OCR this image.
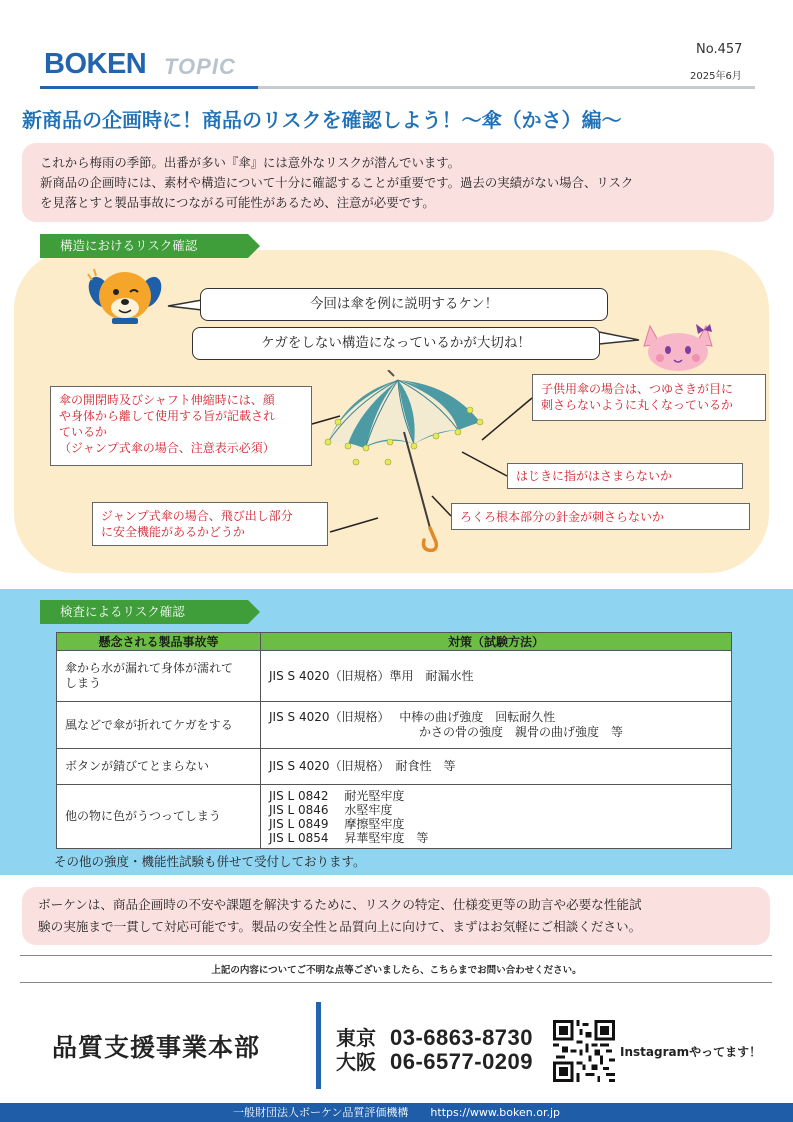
BOKEN TOPIC
No.457
2025年6月
新商品の企画時に！商品のリスクを確認しよう！〜傘（かさ）編〜
これから梅雨の季節。出番が多い『傘』には意外なリスクが潜んでいます。
新商品の企画時には、素材や構造について十分に確認することが重要です。過去の実績がない場合、リスク
を見落とすと製品事故につながる可能性があるため、注意が必要です。
構造におけるリスク確認
今回は傘を例に説明するケン！
ケガをしない構造になっているかが大切ね！
傘の開閉時及びシャフト伸縮時には、顔
や身体から離して使用する旨が記載され
ているか
（ジャンプ式傘の場合、注意表示必須）
子供用傘の場合は、つゆさきが目に
刺さらないように丸くなっているか
はじきに指がはさまらないか
ろくろ根本部分の針金が刺さらないか
ジャンプ式傘の場合、飛び出し部分
に安全機能があるかどうか
検査によるリスク確認
懸念される製品事故等	対策（試験方法）

傘から水が漏れて身体が濡れて
しまう	JIS S 4020（旧規格）準用　耐漏水性
風などで傘が折れてケガをする	JIS S 4020（旧規格）　 中棒の曲げ強度　回転耐久性
かさの骨の強度　親骨の曲げ強度　等

ボタンが錆びてとまらない	JIS S 4020（旧規格）　耐食性　等
他の物に色がうつってしまう	JIS L 0842　 耐光堅牢度
JIS L 0846　 水堅牢度
JIS L 0849　 摩擦堅牢度
JIS L 0854　 昇華堅牢度　等
その他の強度・機能性試験も併せて受付しております。
ボーケンは、商品企画時の不安や課題を解決するために、リスクの特定、仕様変更等の助言や必要な性能試
験の実施まで一貫して対応可能です。製品の安全性と品質向上に向けて、まずはお気軽にご相談ください。
上記の内容についてご不明な点等ございましたら、こちらまでお問い合わせください。
品質支援事業本部	東京 03-6863-8730
大阪 06-6577-0209	Instagramやってます！
一般財団法人ボーケン品質評価機構 https://www.boken.or.jp
